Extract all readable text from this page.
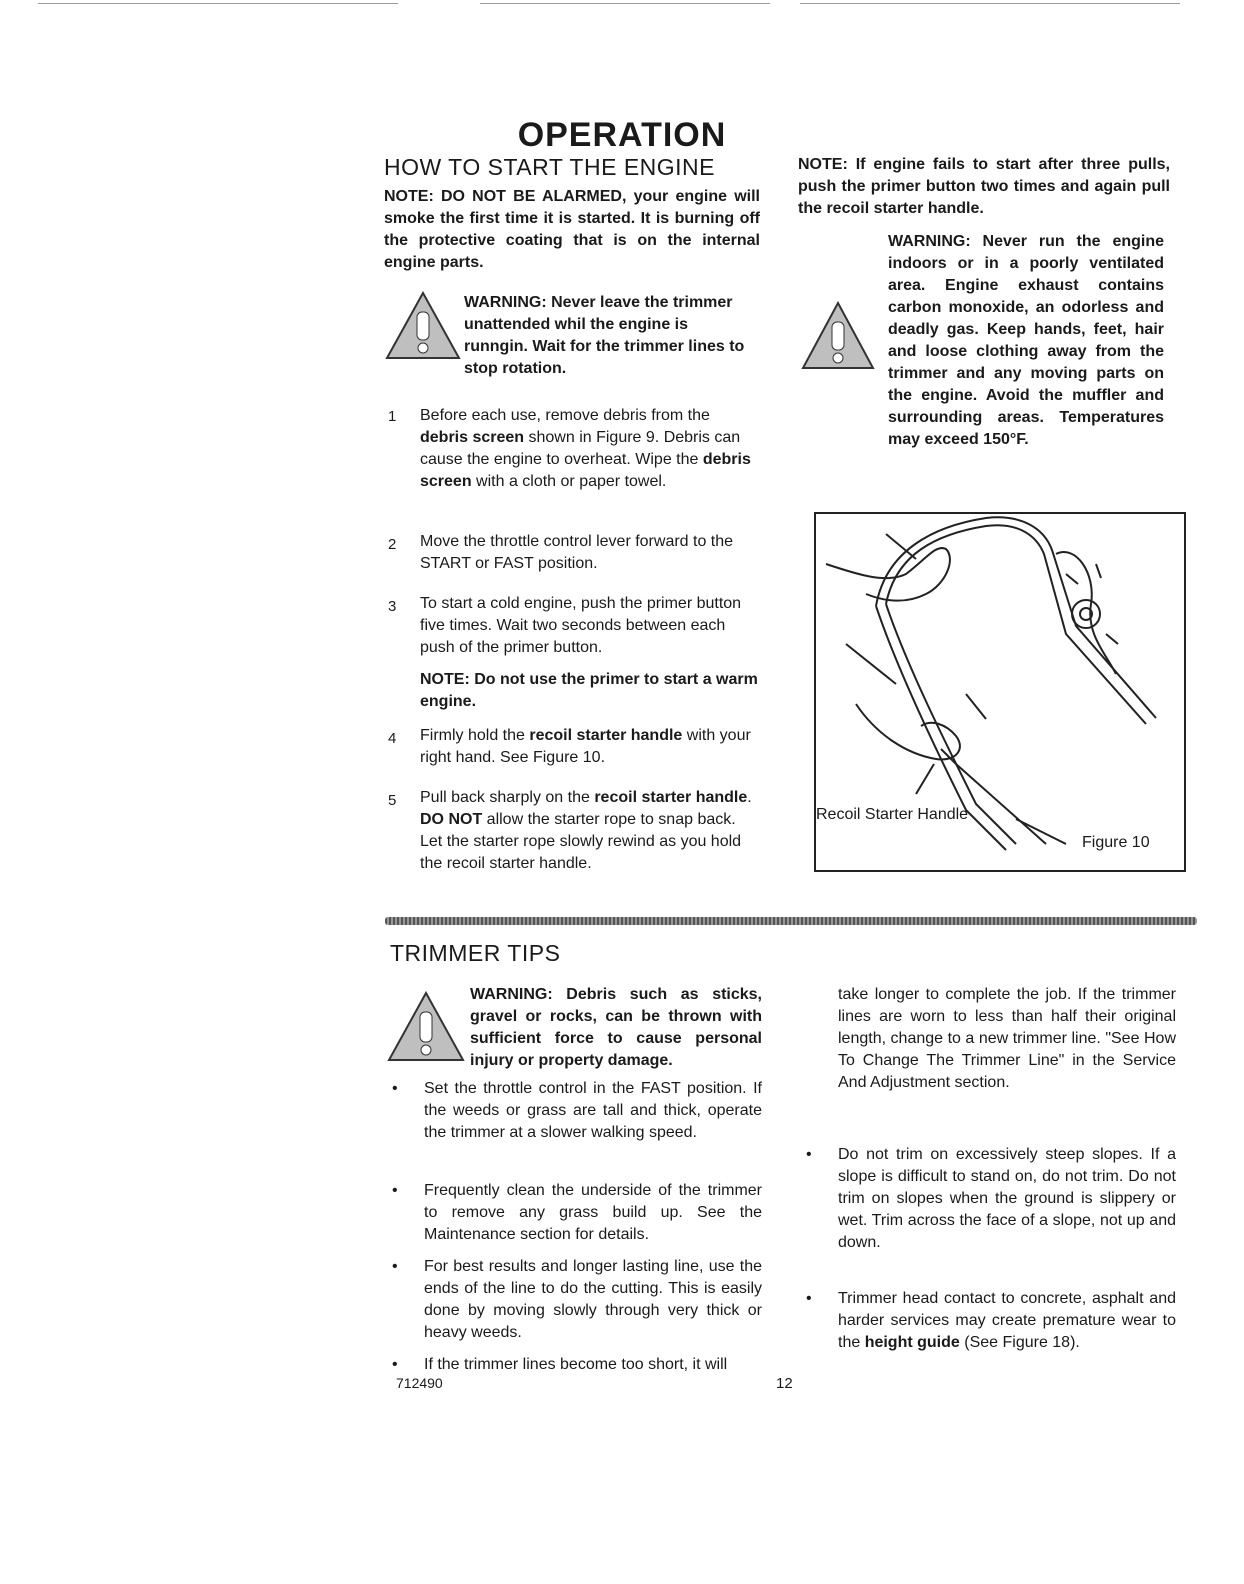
OPERATION
HOW TO START THE ENGINE
NOTE: DO NOT BE ALARMED, your engine will smoke the first time it is started. It is burning off the protective coating that is on the internal engine parts.
WARNING: Never leave the trimmer unattended whil the engine is runngin. Wait for the trimmer lines to stop rotation.
1 Before each use, remove debris from the debris screen shown in Figure 9. Debris can cause the engine to overheat. Wipe the debris screen with a cloth or paper towel.
2 Move the throttle control lever forward to the START or FAST position.
3 To start a cold engine, push the primer button five times. Wait two seconds between each push of the primer button.
NOTE: Do not use the primer to start a warm engine.
4 Firmly hold the recoil starter handle with your right hand. See Figure 10.
5 Pull back sharply on the recoil starter handle. DO NOT allow the starter rope to snap back. Let the starter rope slowly rewind as you hold the recoil starter handle.
NOTE: If engine fails to start after three pulls, push the primer button two times and again pull the recoil starter handle.
WARNING: Never run the engine indoors or in a poorly ventilated area. Engine exhaust contains carbon monoxide, an odorless and deadly gas. Keep hands, feet, hair and loose clothing away from the trimmer and any moving parts on the engine. Avoid the muffler and surrounding areas. Temperatures may exceed 150°F.
Recoil Starter Handle
Figure 10
TRIMMER TIPS
WARNING: Debris such as sticks, gravel or rocks, can be thrown with sufficient force to cause personal injury or property damage.
• Set the throttle control in the FAST position. If the weeds or grass are tall and thick, operate the trimmer at a slower walking speed.
• Frequently clean the underside of the trimmer to remove any grass build up. See the Maintenance section for details.
• For best results and longer lasting line, use the ends of the line to do the cutting. This is easily done by moving slowly through very thick or heavy weeds.
• If the trimmer lines become too short, it will
take longer to complete the job. If the trimmer lines are worn to less than half their original length, change to a new trimmer line. "See How To Change The Trimmer Line" in the Service And Adjustment section.
• Do not trim on excessively steep slopes. If a slope is difficult to stand on, do not trim. Do not trim on slopes when the ground is slippery or wet. Trim across the face of a slope, not up and down.
• Trimmer head contact to concrete, asphalt and harder services may create premature wear to the height guide (See Figure 18).
712490	12
